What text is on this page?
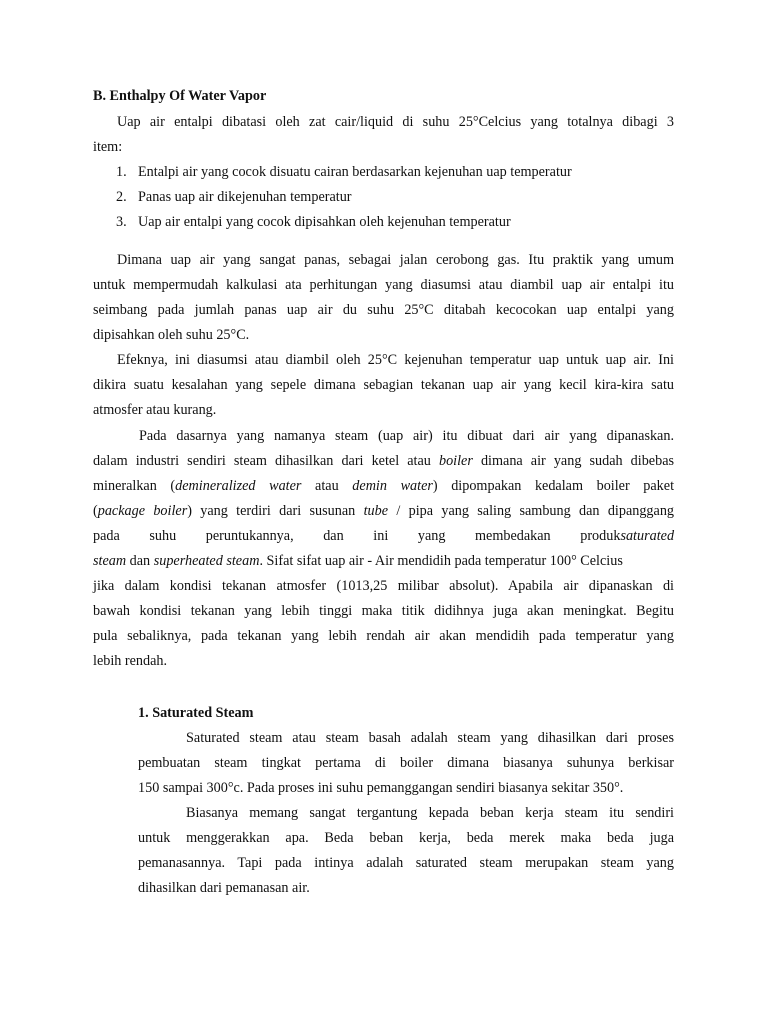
B. Enthalpy Of Water Vapor
Uap air entalpi dibatasi oleh zat cair/liquid di suhu 25°Celcius yang totalnya dibagi 3
item:
1. Entalpi air yang cocok disuatu cairan berdasarkan kejenuhan uap temperatur
2. Panas uap air dikejenuhan temperatur
3. Uap air entalpi yang cocok dipisahkan oleh kejenuhan temperatur
Dimana uap air yang sangat panas, sebagai jalan cerobong gas. Itu praktik yang umum
untuk mempermudah kalkulasi ata perhitungan yang diasumsi atau diambil uap air entalpi itu
seimbang pada jumlah panas uap air du suhu 25°C ditabah kecocokan uap entalpi yang
dipisahkan oleh suhu 25°C.
Efeknya, ini diasumsi atau diambil oleh 25°C kejenuhan temperatur uap untuk uap air. Ini
dikira suatu kesalahan yang sepele dimana sebagian tekanan uap air yang kecil kira-kira satu
atmosfer atau kurang.
Pada dasarnya yang namanya steam (uap air) itu dibuat dari air yang dipanaskan.
dalam industri sendiri steam dihasilkan dari ketel atau boiler dimana air yang sudah dibebas
mineralkan (demineralized water atau demin water) dipompakan kedalam boiler paket
(package boiler) yang terdiri dari susunan tube / pipa yang saling sambung dan dipanggang
pada suhu peruntukannya, dan ini yang membedakan produksaturated
steam dan superheated steam. Sifat sifat uap air - Air mendidih pada temperatur 100° Celcius
jika dalam kondisi tekanan atmosfer (1013,25 milibar absolut). Apabila air dipanaskan di
bawah kondisi tekanan yang lebih tinggi maka titik didihnya juga akan meningkat. Begitu
pula sebaliknya, pada tekanan yang lebih rendah air akan mendidih pada temperatur yang
lebih rendah.
1. Saturated Steam
Saturated steam atau steam basah adalah steam yang dihasilkan dari proses
pembuatan steam tingkat pertama di boiler dimana biasanya suhunya berkisar
150 sampai 300°c. Pada proses ini suhu pemanggangan sendiri biasanya sekitar 350°.
Biasanya memang sangat tergantung kepada beban kerja steam itu sendiri
untuk menggerakkan apa. Beda beban kerja, beda merek maka beda juga
pemanasannya. Tapi pada intinya adalah saturated steam merupakan steam yang
dihasilkan dari pemanasan air.
